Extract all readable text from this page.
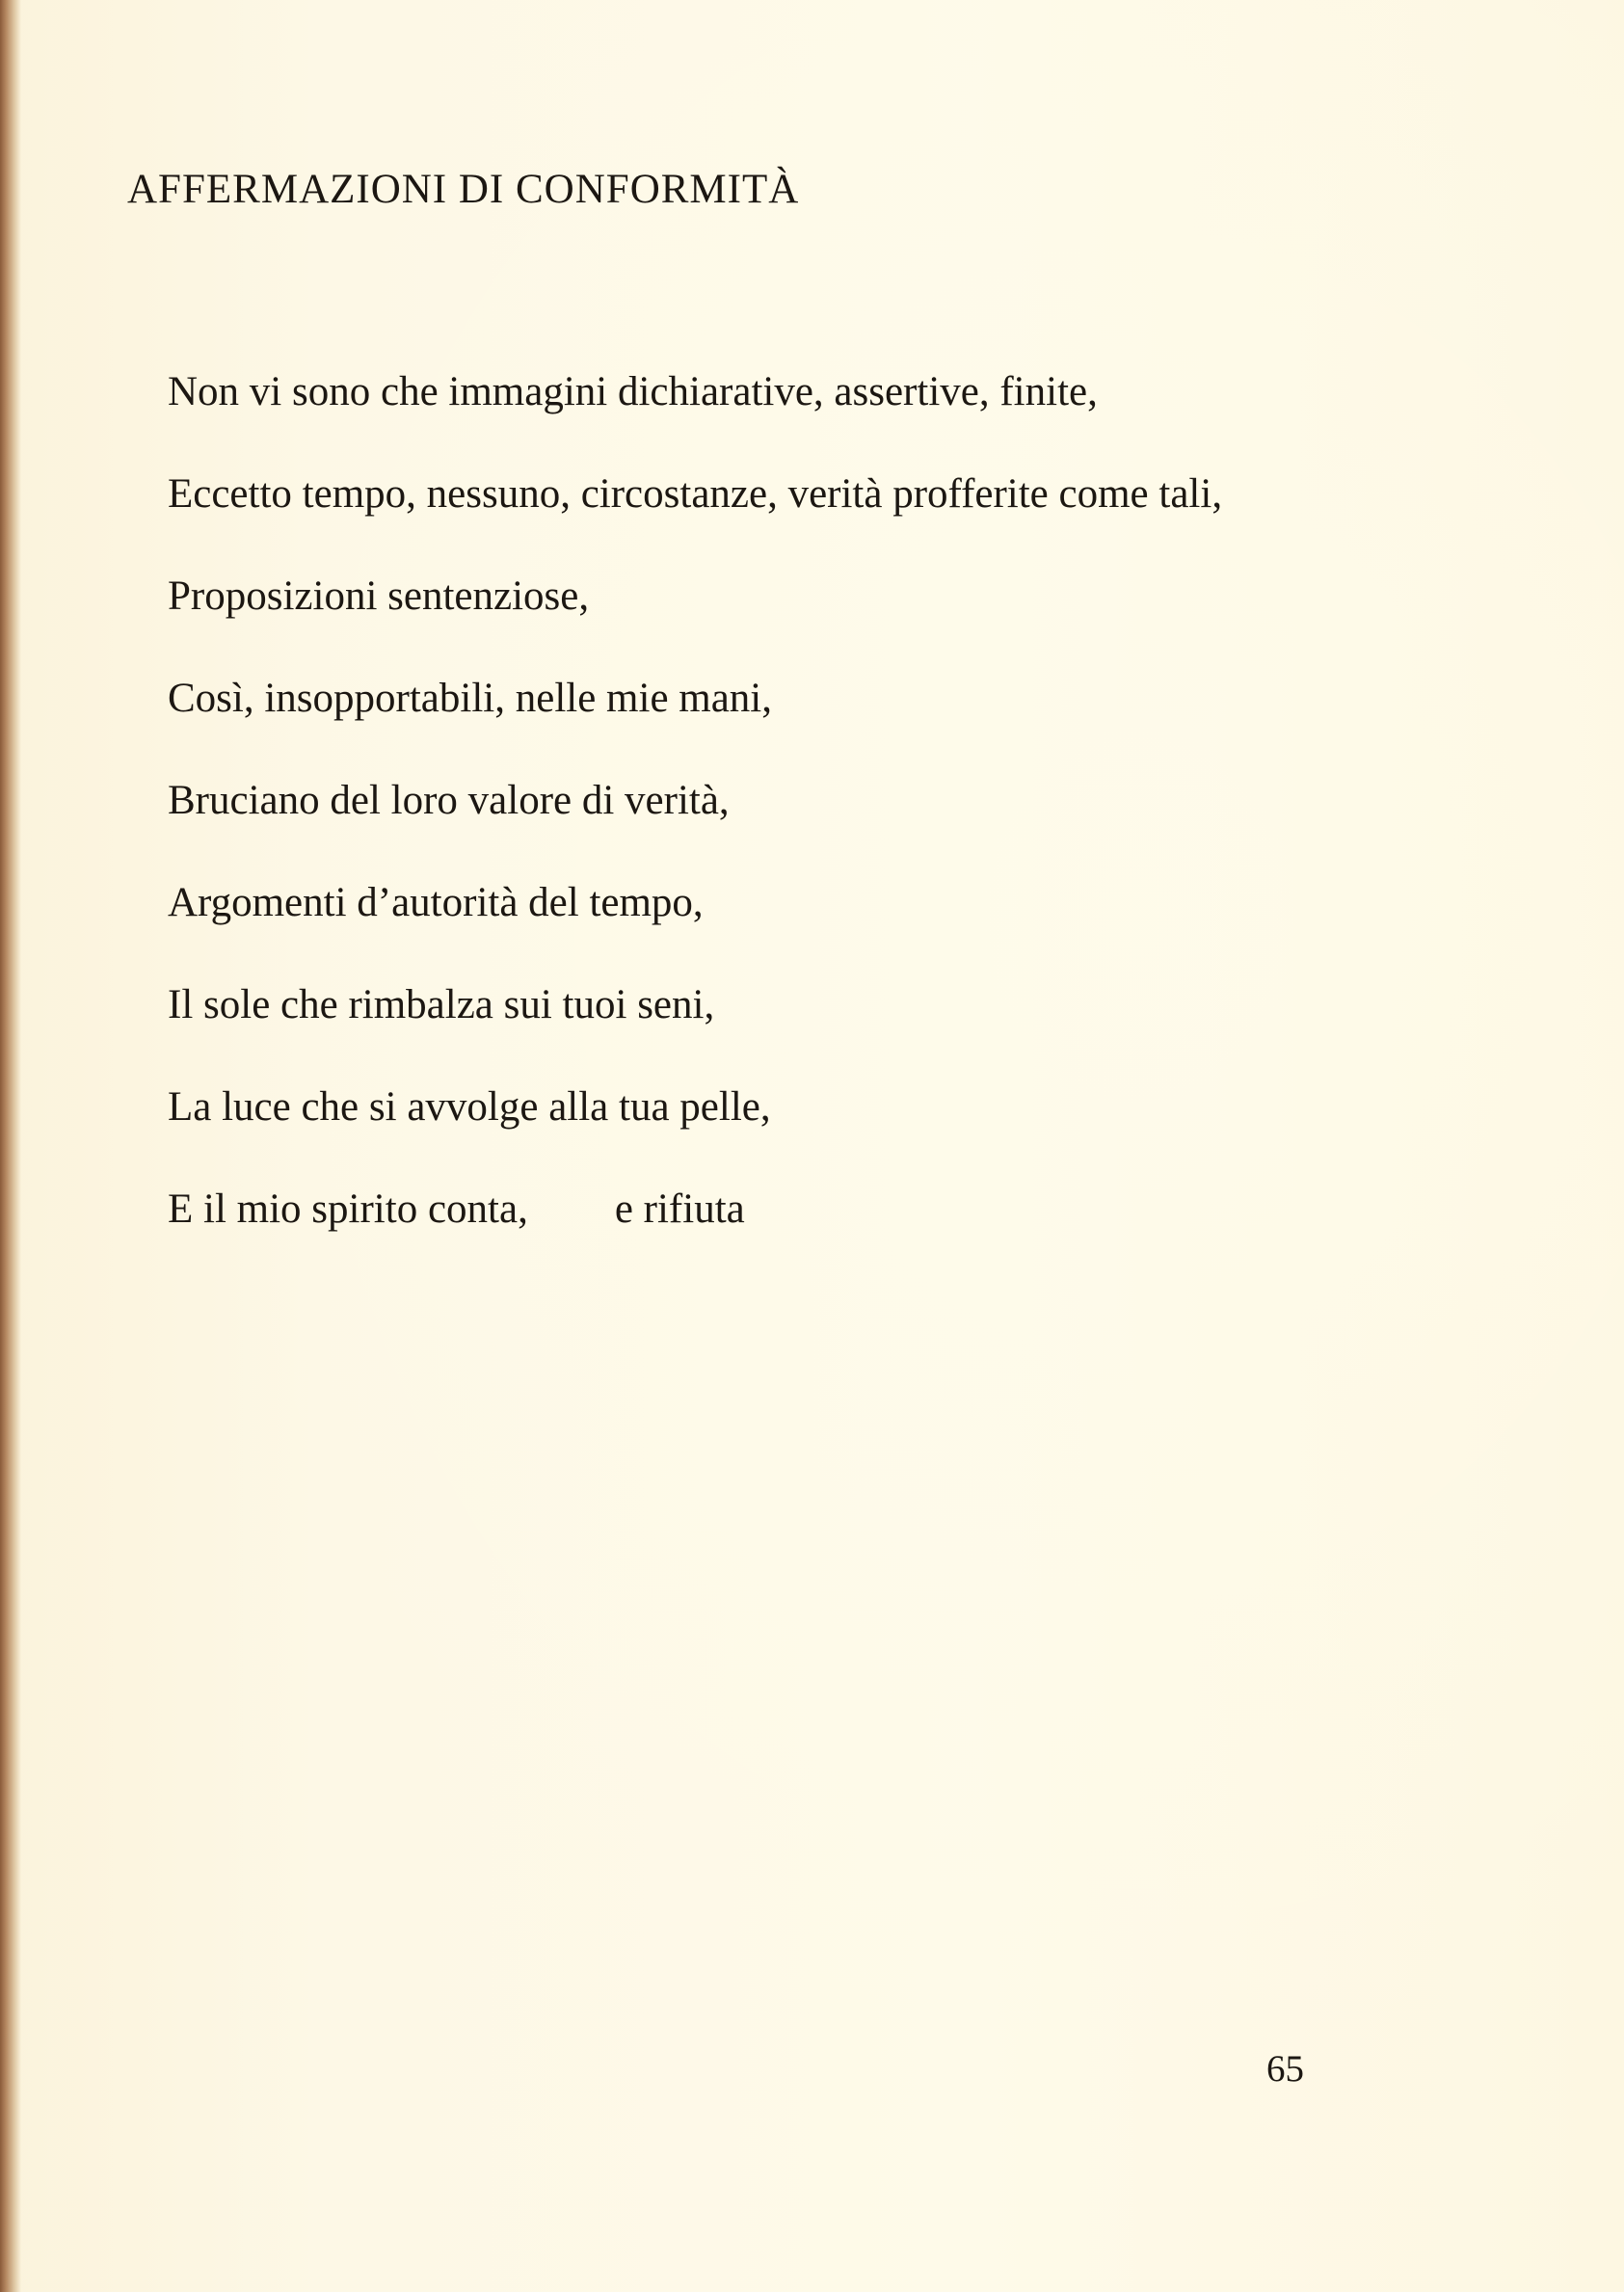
AFFERMAZIONI DI CONFORMITÀ

Non vi sono che immagini dichiarative, assertive, finite,

Eccetto tempo, nessuno, circostanze, verità profferite come tali,

Proposizioni sentenziose,

Così, insopportabili, nelle mie mani,

Bruciano del loro valore di verità,

Argomenti d’autorità del tempo,

Il sole che rimbalza sui tuoi seni,

La luce che si avvolge alla tua pelle,

E il mio spirito conta, e rifiuta

65
